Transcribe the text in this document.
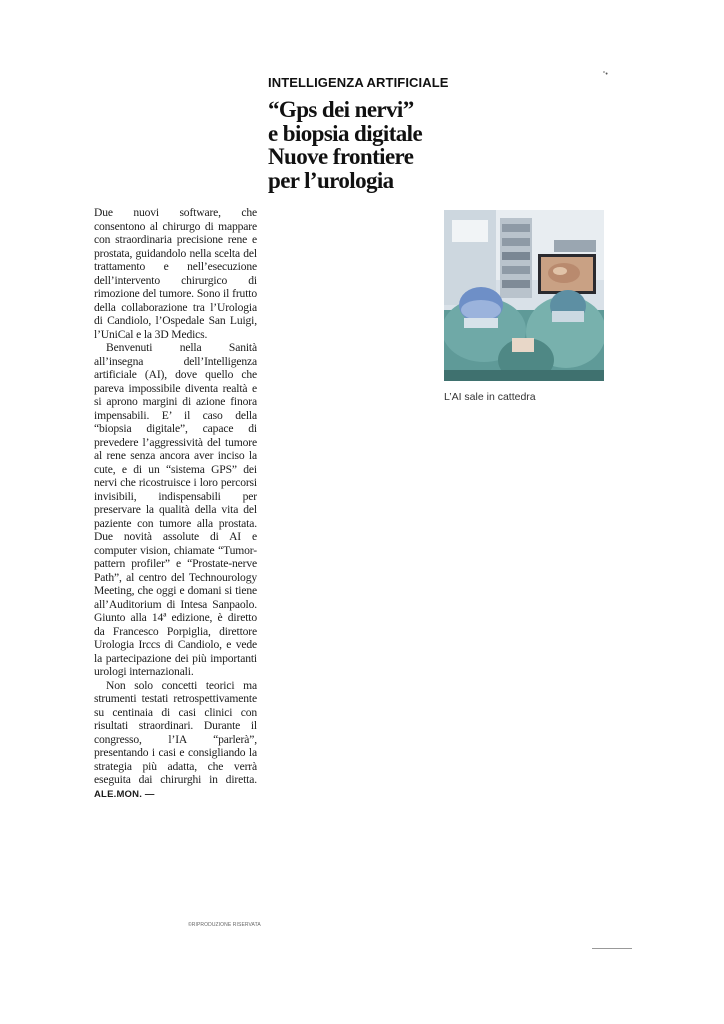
“•
INTELLIGENZA ARTIFICIALE
“Gps dei nervi”
e biopsia digitale
Nuove frontiere
per l’urologia

Due nuovi software, che consentono al chirurgo di mappare con straordinaria precisione rene e prostata, guidandolo nella scelta del trattamento e nell’esecuzione dell’intervento chirurgico di rimozione del tumore. Sono il frutto della collaborazione tra l’Urologia di Candiolo, l’Ospedale San Luigi, l’UniCal e la 3D Medics.

Benvenuti nella Sanità all’insegna dell’Intelligenza artificiale (AI), dove quello che pareva impossibile diventa realtà e si aprono margini di azione finora impensabili. E’ il caso della “biopsia digitale”, capace di prevedere l’aggressività del tumore al rene senza ancora aver inciso la cute, e di un “sistema GPS” dei nervi che ricostruisce i loro percorsi invisibili, indispensabili per preservare la qualità della vita del paziente con tumore alla prostata. Due novità assolute di AI e computer vision, chiamate “Tumor-pattern profiler” e “Prostate-nerve Path”, al centro del Technourology Meeting, che oggi e domani si tiene all’Auditorium di Intesa Sanpaolo. Giunto alla 14ª edizione, è diretto da Francesco Porpiglia, direttore Urologia Irccs di Candiolo, e vede la partecipazione dei più importanti urologi internazionali.

Non solo concetti teorici ma strumenti testati retrospettivamente su centinaia di casi clinici con risultati straordinari. Durante il congresso, l’IA “parlerà”, presentando i casi e consigliando la strategia più adatta, che verrà eseguita dai chirurghi in diretta. ALE.MON. —

©RIPRODUZIONE RISERVATA
L’AI sale in cattedra
